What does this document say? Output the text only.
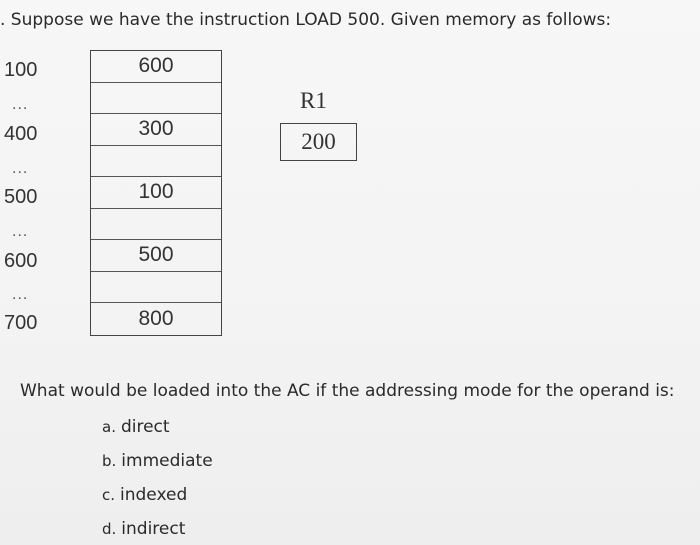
. Suppose we have the instruction LOAD 500. Given memory as follows:
100
...
400
...
500
...
600
...
700
600
300
100
500
800
R1
200
What would be loaded into the AC if the addressing mode for the operand is:
a. direct
b. immediate
c. indexed
d. indirect
